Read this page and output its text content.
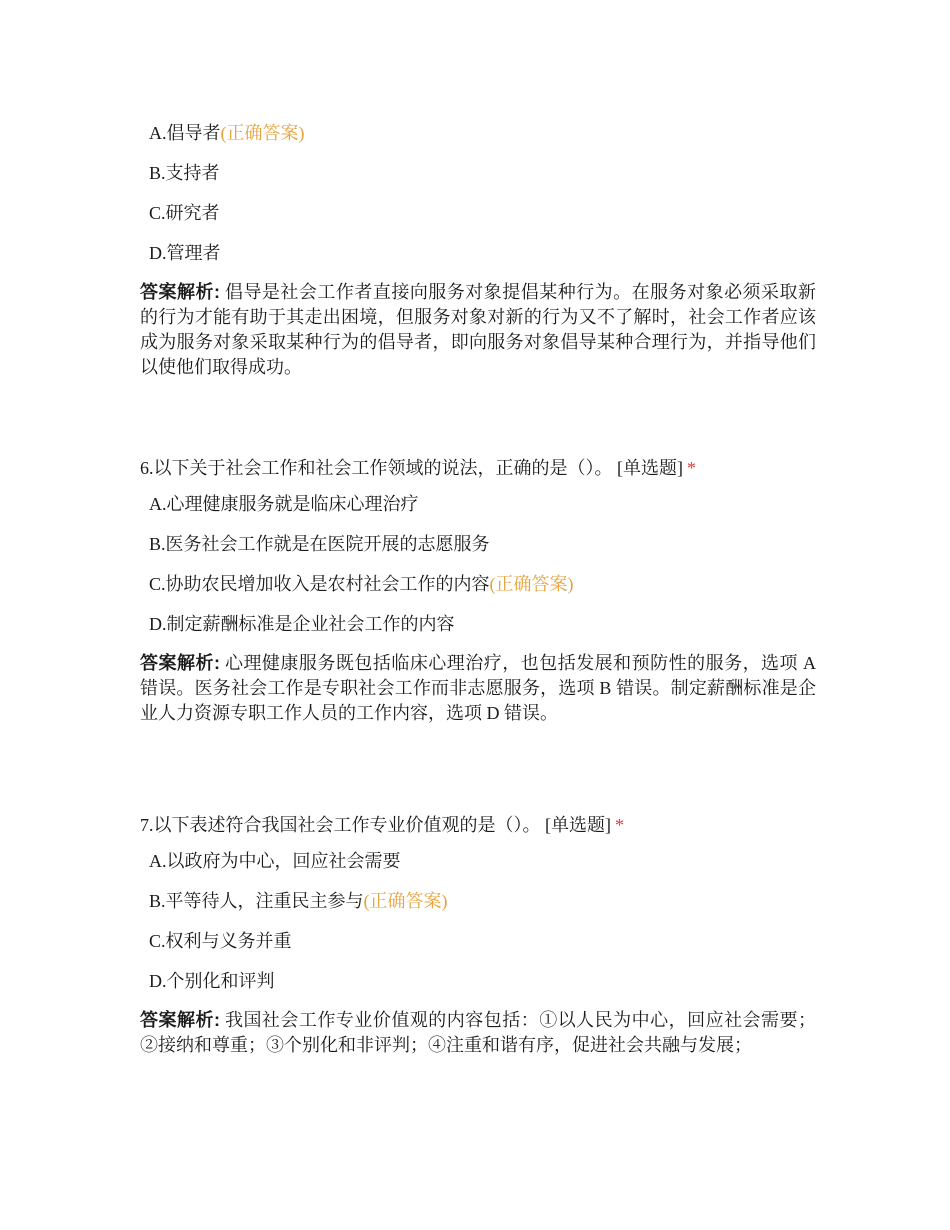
A.倡导者(正确答案)
B.支持者
C.研究者
D.管理者
答案解析: 倡导是社会工作者直接向服务对象提倡某种行为。在服务对象必须采取新的行为才能有助于其走出困境，但服务对象对新的行为又不了解时，社会工作者应该成为服务对象采取某种行为的倡导者，即向服务对象倡导某种合理行为，并指导他们以使他们取得成功。
6.以下关于社会工作和社会工作领域的说法，正确的是（）。 [单选题] *
A.心理健康服务就是临床心理治疗
B.医务社会工作就是在医院开展的志愿服务
C.协助农民增加收入是农村社会工作的内容(正确答案)
D.制定薪酬标准是企业社会工作的内容
答案解析: 心理健康服务既包括临床心理治疗，也包括发展和预防性的服务，选项 A 错误。医务社会工作是专职社会工作而非志愿服务，选项 B 错误。制定薪酬标准是企业人力资源专职工作人员的工作内容，选项 D 错误。
7.以下表述符合我国社会工作专业价值观的是（）。 [单选题] *
A.以政府为中心，回应社会需要
B.平等待人，注重民主参与(正确答案)
C.权利与义务并重
D.个别化和评判
答案解析: 我国社会工作专业价值观的内容包括：①以人民为中心，回应社会需要；②接纳和尊重；③个别化和非评判；④注重和谐有序，促进社会共融与发展；
